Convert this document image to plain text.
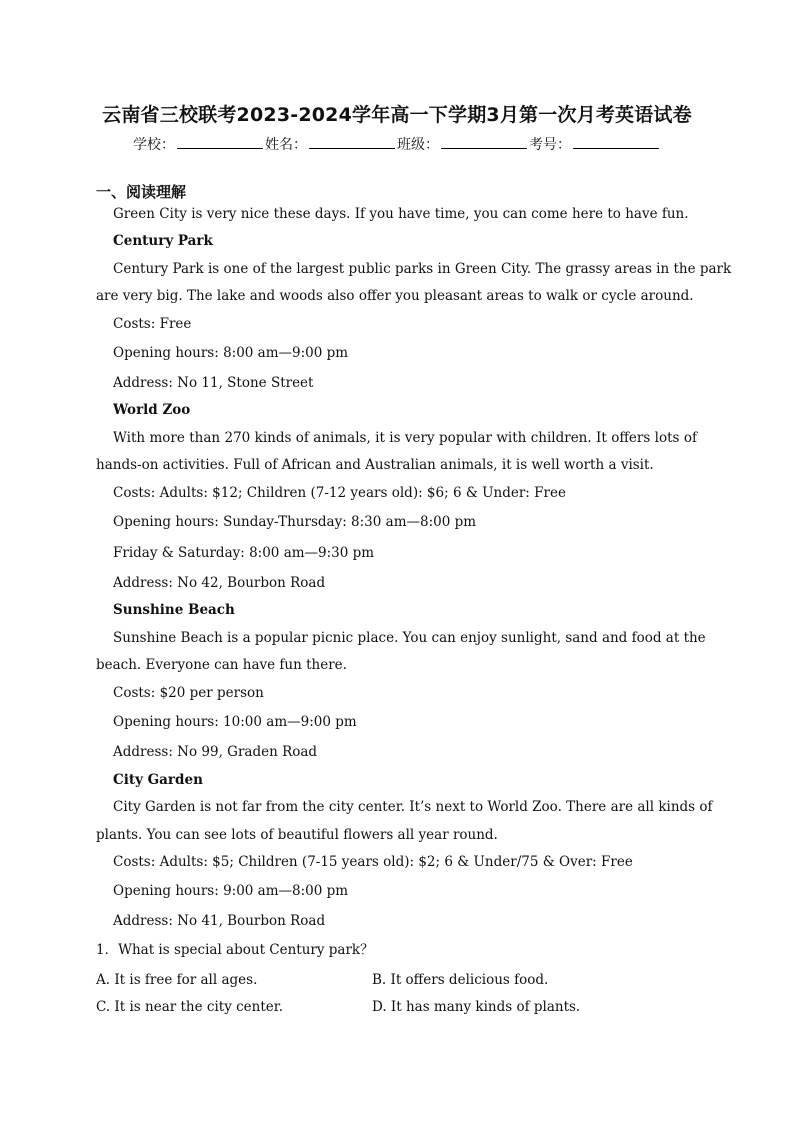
云南省三校联考2023-2024学年高一下学期3月第一次月考英语试卷
学校：	姓名：	班级：	考号：
一、阅读理解
Green City is very nice these days. If you have time, you can come here to have fun.
Century Park
Century Park is one of the largest public parks in Green City. The grassy areas in the park
are very big. The lake and woods also offer you pleasant areas to walk or cycle around.
Costs: Free
Opening hours: 8:00 am—9:00 pm
Address: No 11, Stone Street
World Zoo
With more than 270 kinds of animals, it is very popular with children. It offers lots of
hands-on activities. Full of African and Australian animals, it is well worth a visit.
Costs: Adults: $12; Children (7-12 years old): $6; 6 & Under: Free
Opening hours: Sunday-Thursday: 8:30 am—8:00 pm
Friday & Saturday: 8:00 am—9:30 pm
Address: No 42, Bourbon Road
Sunshine Beach
Sunshine Beach is a popular picnic place. You can enjoy sunlight, sand and food at the
beach. Everyone can have fun there.
Costs: $20 per person
Opening hours: 10:00 am—9:00 pm
Address: No 99, Graden Road
City Garden
City Garden is not far from the city center. It’s next to World Zoo. There are all kinds of
plants. You can see lots of beautiful flowers all year round.
Costs: Adults: $5; Children (7-15 years old): $2; 6 & Under/75 & Over: Free
Opening hours: 9:00 am—8:00 pm
Address: No 41, Bourbon Road
1．What is special about Century park？
A. It is free for all ages.	B. It offers delicious food.
C. It is near the city center.	D. It has many kinds of plants.
